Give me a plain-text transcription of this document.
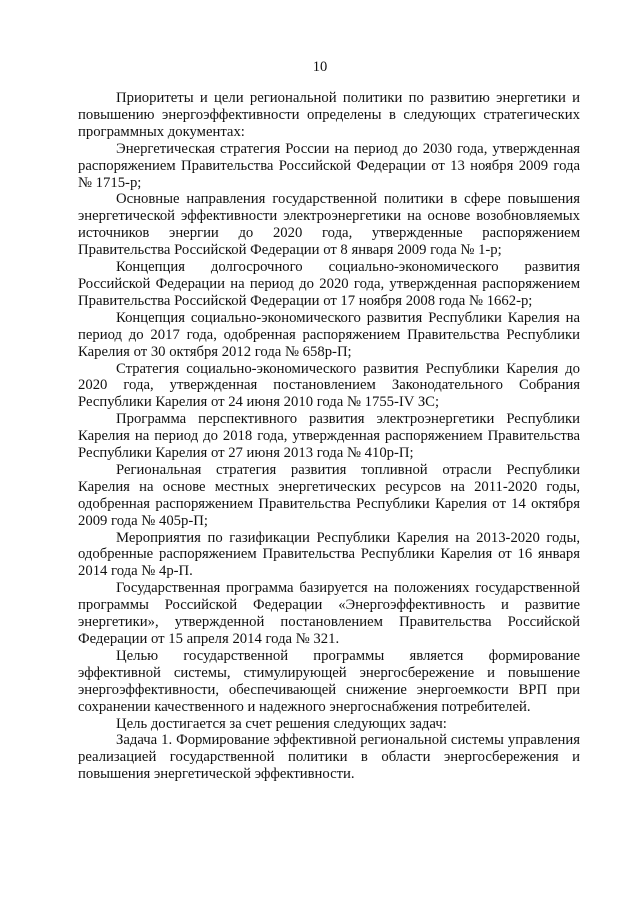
10

Приоритеты и цели региональной политики по развитию энергетики и повышению энергоэффективности определены в следующих стратегических программных документах:

Энергетическая стратегия России на период до 2030 года, утвержденная распоряжением Правительства Российской Федерации от 13 ноября 2009 года № 1715-р;

Основные направления государственной политики в сфере повышения энергетической эффективности электроэнергетики на основе возобновляемых источников энергии до 2020 года, утвержденные распоряжением Правительства Российской Федерации от 8 января 2009 года № 1-р;

Концепция долгосрочного социально-экономического развития Российской Федерации на период до 2020 года, утвержденная распоряжением Правительства Российской Федерации от 17 ноября 2008 года № 1662-р;

Концепция социально-экономического развития Республики Карелия на период до 2017 года, одобренная распоряжением Правительства Республики Карелия от 30 октября 2012 года № 658р-П;

Стратегия социально-экономического развития Республики Карелия до 2020 года, утвержденная постановлением Законодательного Собрания Республики Карелия от 24 июня 2010 года № 1755-IV ЗС;

Программа перспективного развития электроэнергетики Республики Карелия на период до 2018 года, утвержденная распоряжением Правительства Республики Карелия от 27 июня 2013 года № 410р-П;

Региональная стратегия развития топливной отрасли Республики Карелия на основе местных энергетических ресурсов на 2011-2020 годы, одобренная распоряжением Правительства Республики Карелия от 14 октября 2009 года № 405р-П;

Мероприятия по газификации Республики Карелия на 2013-2020 годы, одобренные распоряжением Правительства Республики Карелия от 16 января 2014 года № 4р-П.

Государственная программа базируется на положениях государственной программы Российской Федерации «Энергоэффективность и развитие энергетики», утвержденной постановлением Правительства Российской Федерации от 15 апреля 2014 года № 321.

Целью государственной программы является формирование эффективной системы, стимулирующей энергосбережение и повышение энергоэффективности, обеспечивающей снижение энергоемкости ВРП при сохранении качественного и надежного энергоснабжения потребителей.

Цель достигается за счет решения следующих задач:

Задача 1. Формирование эффективной региональной системы управления реализацией государственной политики в области энергосбережения и повышения энергетической эффективности.
